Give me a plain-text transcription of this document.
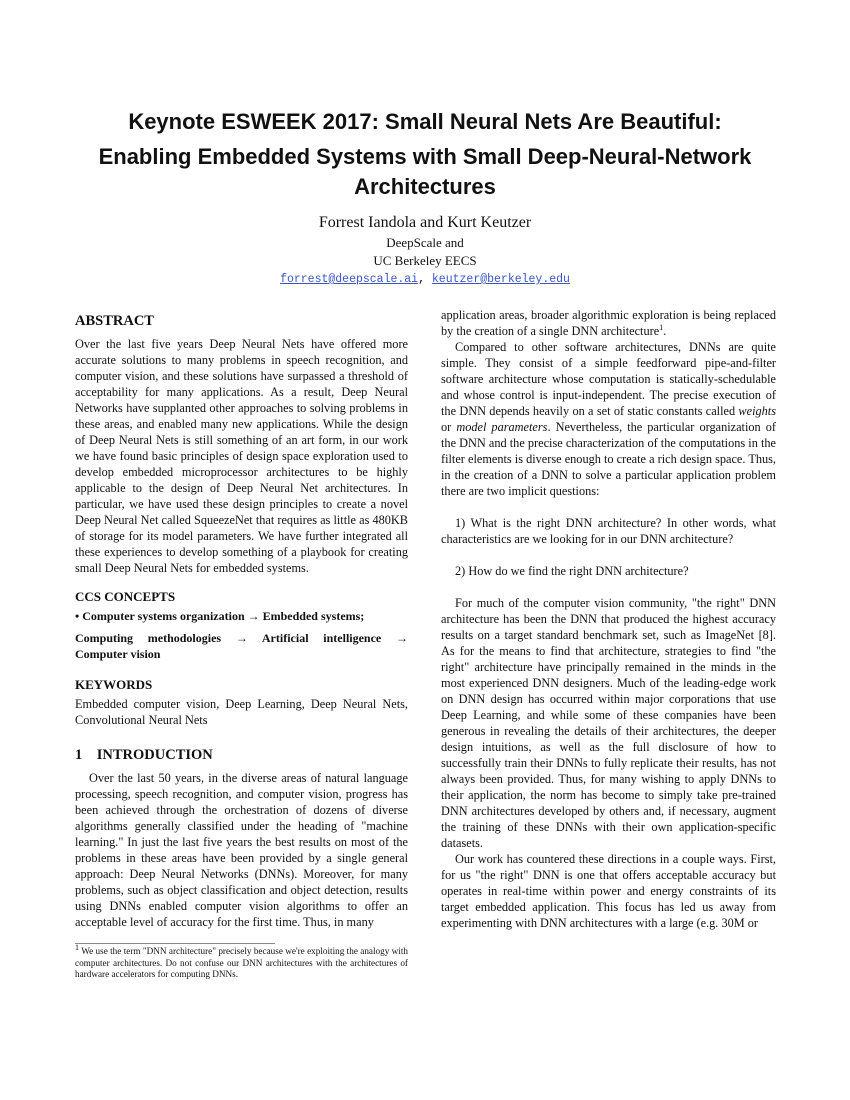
Keynote ESWEEK 2017: Small Neural Nets Are Beautiful:
Enabling Embedded Systems with Small Deep-Neural-Network Architectures
Forrest Iandola and Kurt Keutzer
DeepScale and
UC Berkeley EECS
forrest@deepscale.ai, keutzer@berkeley.edu
ABSTRACT

Over the last five years Deep Neural Nets have offered more accurate solutions to many problems in speech recognition, and computer vision, and these solutions have surpassed a threshold of acceptability for many applications. As a result, Deep Neural Networks have supplanted other approaches to solving problems in these areas, and enabled many new applications. While the design of Deep Neural Nets is still something of an art form, in our work we have found basic principles of design space exploration used to develop embedded microprocessor architectures to be highly applicable to the design of Deep Neural Net architectures. In particular, we have used these design principles to create a novel Deep Neural Net called SqueezeNet that requires as little as 480KB of storage for its model parameters. We have further integrated all these experiences to develop something of a playbook for creating small Deep Neural Nets for embedded systems.

CCS CONCEPTS
• Computer systems organization → Embedded systems;
Computing methodologies → Artificial intelligence →
Computer vision
KEYWORDS

Embedded computer vision, Deep Learning, Deep Neural Nets, Convolutional Neural Nets

1    INTRODUCTION

Over the last 50 years, in the diverse areas of natural language processing, speech recognition, and computer vision, progress has been achieved through the orchestration of dozens of diverse algorithms generally classified under the heading of "machine learning." In just the last five years the best results on most of the problems in these areas have been provided by a single general approach: Deep Neural Networks (DNNs). Moreover, for many problems, such as object classification and object detection, results using DNNs enabled computer vision algorithms to offer an acceptable level of accuracy for the first time. Thus, in many

$^1$ We use the term "DNN architecture" precisely because we're exploiting the analogy with computer architectures. Do not confuse our DNN architectures with the architectures of hardware accelerators for computing DNNs.

application areas, broader algorithmic exploration is being replaced by the creation of a single DNN architecture$^1$.

Compared to other software architectures, DNNs are quite simple. They consist of a simple feedforward pipe-and-filter software architecture whose computation is statically-schedulable and whose control is input-independent. The precise execution of the DNN depends heavily on a set of static constants called weights or model parameters. Nevertheless, the particular organization of the DNN and the precise characterization of the computations in the filter elements is diverse enough to create a rich design space. Thus, in the creation of a DNN to solve a particular application problem there are two implicit questions:

1) What is the right DNN architecture? In other words, what characteristics are we looking for in our DNN architecture?

2) How do we find the right DNN architecture?

For much of the computer vision community, "the right" DNN architecture has been the DNN that produced the highest accuracy results on a target standard benchmark set, such as ImageNet [8]. As for the means to find that architecture, strategies to find "the right" architecture have principally remained in the minds in the most experienced DNN designers. Much of the leading-edge work on DNN design has occurred within major corporations that use Deep Learning, and while some of these companies have been generous in revealing the details of their architectures, the deeper design intuitions, as well as the full disclosure of how to successfully train their DNNs to fully replicate their results, has not always been provided. Thus, for many wishing to apply DNNs to their application, the norm has become to simply take pre-trained DNN architectures developed by others and, if necessary, augment the training of these DNNs with their own application-specific datasets.

Our work has countered these directions in a couple ways. First, for us "the right" DNN is one that offers acceptable accuracy but operates in real-time within power and energy constraints of its target embedded application. This focus has led us away from experimenting with DNN architectures with a large (e.g. 30M or
